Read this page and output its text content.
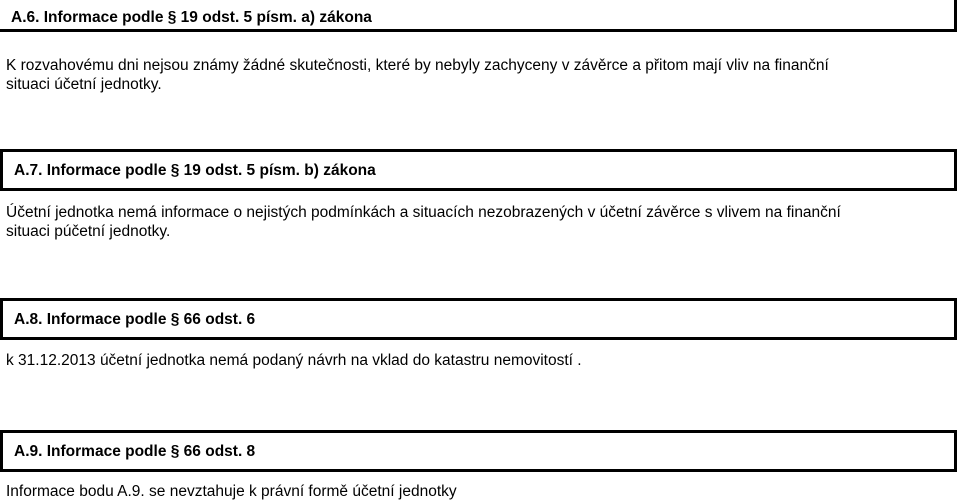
A.6. Informace podle § 19 odst. 5 písm. a) zákona
K rozvahovému dni nejsou známy žádné skutečnosti, které by nebyly zachyceny v závěrce a přitom mají vliv na finanční
situaci účetní jednotky.
A.7. Informace podle § 19 odst. 5 písm. b) zákona
Účetní jednotka nemá informace o nejistých podmínkách a situacích nezobrazených v účetní závěrce s vlivem na finanční
situaci púčetní jednotky.
A.8. Informace podle § 66 odst. 6
k 31.12.2013 účetní jednotka nemá podaný návrh na vklad do katastru nemovitostí .
A.9. Informace podle § 66 odst. 8
Informace bodu A.9. se nevztahuje k právní formě účetní jednotky
